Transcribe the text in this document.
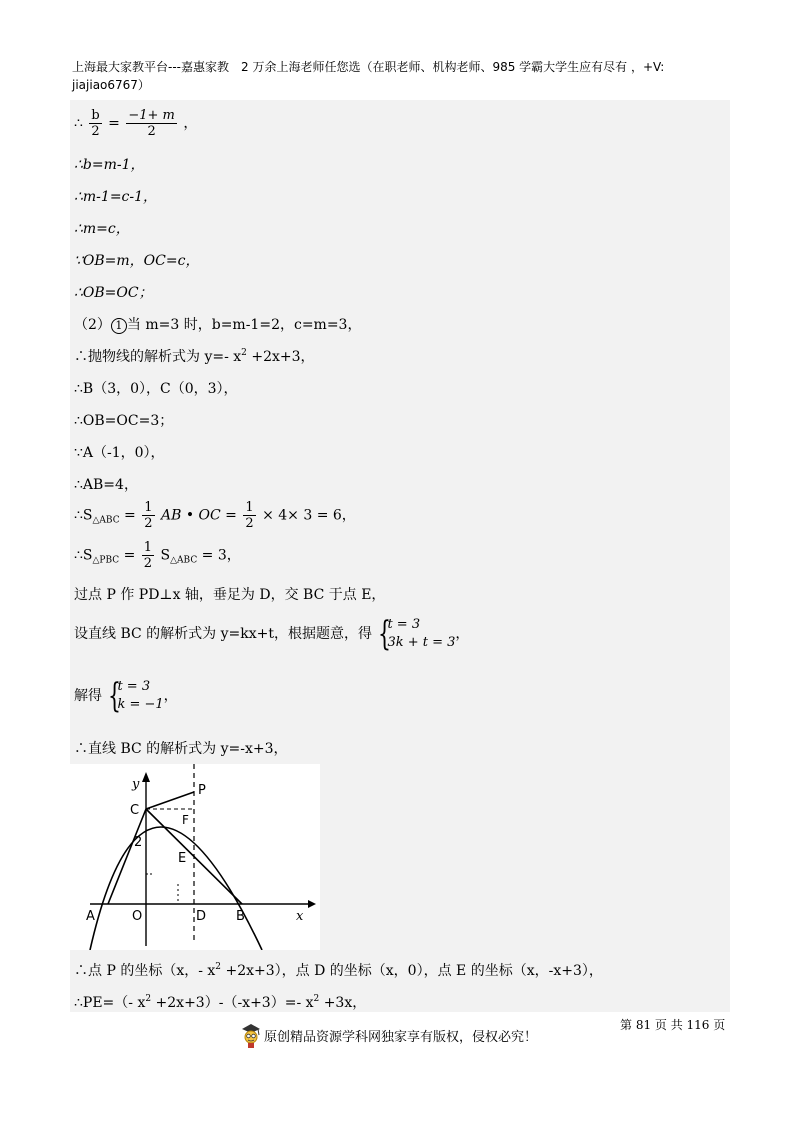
上海最大家教平台---嘉惠家教　2 万余上海老师任您选（在职老师、机构老师、985 学霸大学生应有尽有 ，+V:
jiajiao6767）
∴ $\frac{b}{2} = \frac{-1+ m}{2}$ ，
∴b=m-1，
∴m-1=c-1，
∴m=c，
∵OB=m，OC=c，
∴OB=OC；
（2） 1 当 m=3 时，b=m-1=2，c=m=3，
∴抛物线的解析式为 y=- $x^2 +2x+3$，
∴B（3，0），C（0，3），
∴OB=OC=3；
∵A（-1，0），
∴AB=4，
$\therefore S_{\triangle ABC} = \frac{1}{2}$ AB • OC = $\frac{1}{2} \times 4\times 3 = 6$，
$\therefore S_{\triangle PBC} = \frac{1}{2} S_{\triangle ABC} = 3$，
过点 P 作 PD⊥x 轴，垂足为 D，交 BC 于点 E，
设直线 BC 的解析式为 y=kx+t，根据题意，得 {
t = 3
3k + t = 3
，
解得 {
t = 3
k = −1
，
∴直线 BC 的解析式为 y=-x+3，
y
x
C
P
F
2
E
A	O	D B
∴点 P 的坐标（x，- $x^2 +2x+3$），点 D 的坐标（x，0），点 E 的坐标（x，-x+3），
∴PE=（- $x^2 +2x+3)-(-x+3)=-$ $x^2 +3x$，
第 81 页 共 116 页
原创精品资源学科网独家享有版权，侵权必究！
